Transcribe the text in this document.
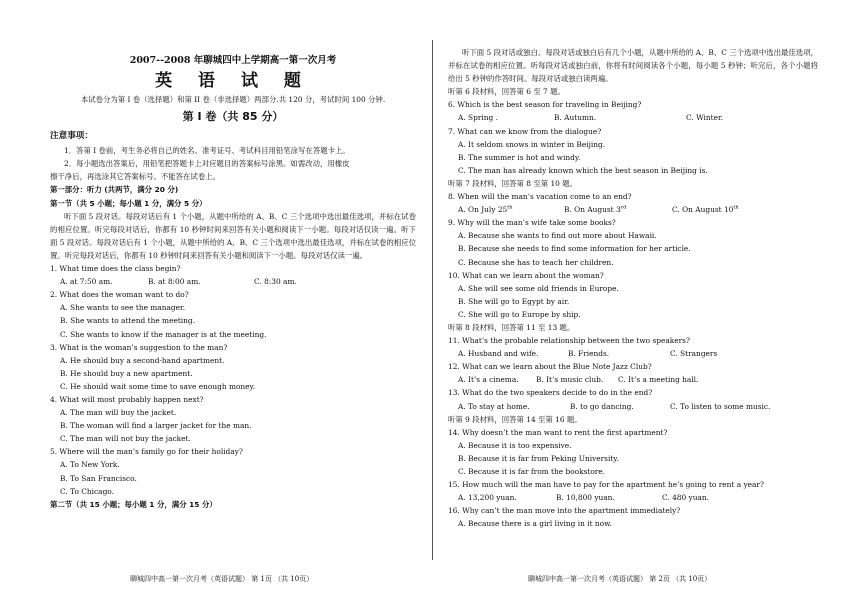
2007--2008 年聊城四中上学期高一第一次月考
英 语 试 题
本试卷分为第 I 卷（选择题）和第 II 卷（非选择题）两部分.共 120 分，考试时间 100 分钟.
第 I 卷（共 85 分）
注意事项：
1．答第 I 卷前，考生务必将自己的姓名、准考证号、考试科目用铅笔涂写在答题卡上。
2．每小题选出答案后，用铅笔把答题卡上对应题目的答案标号涂黑。如需改动，用橡皮
擦干净后，再选涂其它答案标号。不能答在试卷上。
第一部分：听力 (共两节，满分 20 分)
第一节（共 5 小题；每小题 1 分，满分 5 分）
听下面 5 段对话。每段对话后有 1 个小题，从题中所给的 A、B、C 三个选项中选出最佳选项，并标在试卷的相应位置。听完每段对话后，你都有 10 秒钟时间来回答有关小题和阅读下一小题。每段对话仅读一遍。听下面 5 段对话。每段对话后有 1 个小题，从题中所给的 A、B、C 三个选项中选出最佳选项，并标在试卷的相应位置。听完每段对话后，你都有 10 秒钟时间来回答有关小题和阅读下一小题。每段对话仅读一遍。
1. What time does the class begin?
A. at 7:50 am.	B. at 8:00 am.	C. 8:30 am.
2. What does the woman want to do?
A. She wants to see the manager.
B. She wants to attend the meeting.
C. She wants to know if the manager is at the meeting.
3. What is the woman’s suggestion to the man?
A. He should buy a second-hand apartment.
B. He should buy a new apartment.
C. He should wait some time to save enough money.
4. What will most probably happen next?
A. The man will buy the jacket.
B. The woman will find a larger jacket for the man.
C. The man will not buy the jacket.
5. Where will the man’s family go for their holiday?
A. To New York.
B. To San Francisco.
C. To Chicago.
第二节（共 15 小题；每小题 1 分，满分 15 分）
听下面 5 段对话或独白。每段对话或独白后有几个小题，从题中所给的 A、B、C 三个选项中选出最佳选项，并标在试卷的相应位置。听每段对话或独白前，你将有时间阅读各个小题，每小题 5 秒钟；听完后，各个小题将给出 5 秒钟的作答时间。每段对话或独白读两遍。
听第 6 段材料，回答第 6 至 7 题。
6. Which is the best season for traveling in Beijing?
A. Spring .	B. Autumn.	C. Winter.
7. What can we know from the dialogue?
A. It seldom snows in winter in Beijing.
B. The summer is hot and windy.
C. The man has already known which the best season in Beijing is.
听第 7 段材料，回答第 8 至第 10 题。
8. When will the man’s vacation come to an end?
A. On July 25th	B. On August 3rd	C. On August 10th
9. Why will the man’s wife take some books?
A. Because she wants to find out more about Hawaii.
B. Because she needs to find some information for her article.
C. Because she has to teach her children.
10. What can we learn about the woman?
A. She will see some old friends in Europe.
B. She will go to Egypt by air.
C. She will go to Europe by ship.
听第 8 段材料，回答第 11 至 13 题。
11. What’s the probable relationship between the two speakers?
A. Husband and wife.	B. Friends.	C. Strangers
12. What can we learn about the Blue Note Jazz Club?
A. It’s a cinema.	B. It’s music club.	C. It’s a meeting hall.
13. What do the two speakers decide to do in the end?
A. To stay at home.	B. to go dancing.	C. To listen to some music.
听第 9 段材料，回答第 14 至第 16 题。
14. Why doesn’t the man want to rent the first apartment?
A. Because it is too expensive.
B. Because it is far from Peking University.
C. Because it is far from the bookstore.
15. How much will the man have to pay for the apartment he’s going to rent a year?
A. 13,200 yuan.	B. 10,800 yuan.	C. 480 yuan.
16. Why can’t the man move into the apartment immediately?
A. Because there is a girl living in it now.
聊城四中高一第一次月考（英语试题） 第 1页 （共 10页）	聊城四中高一第一次月考（英语试题） 第 2页 （共 10页）
